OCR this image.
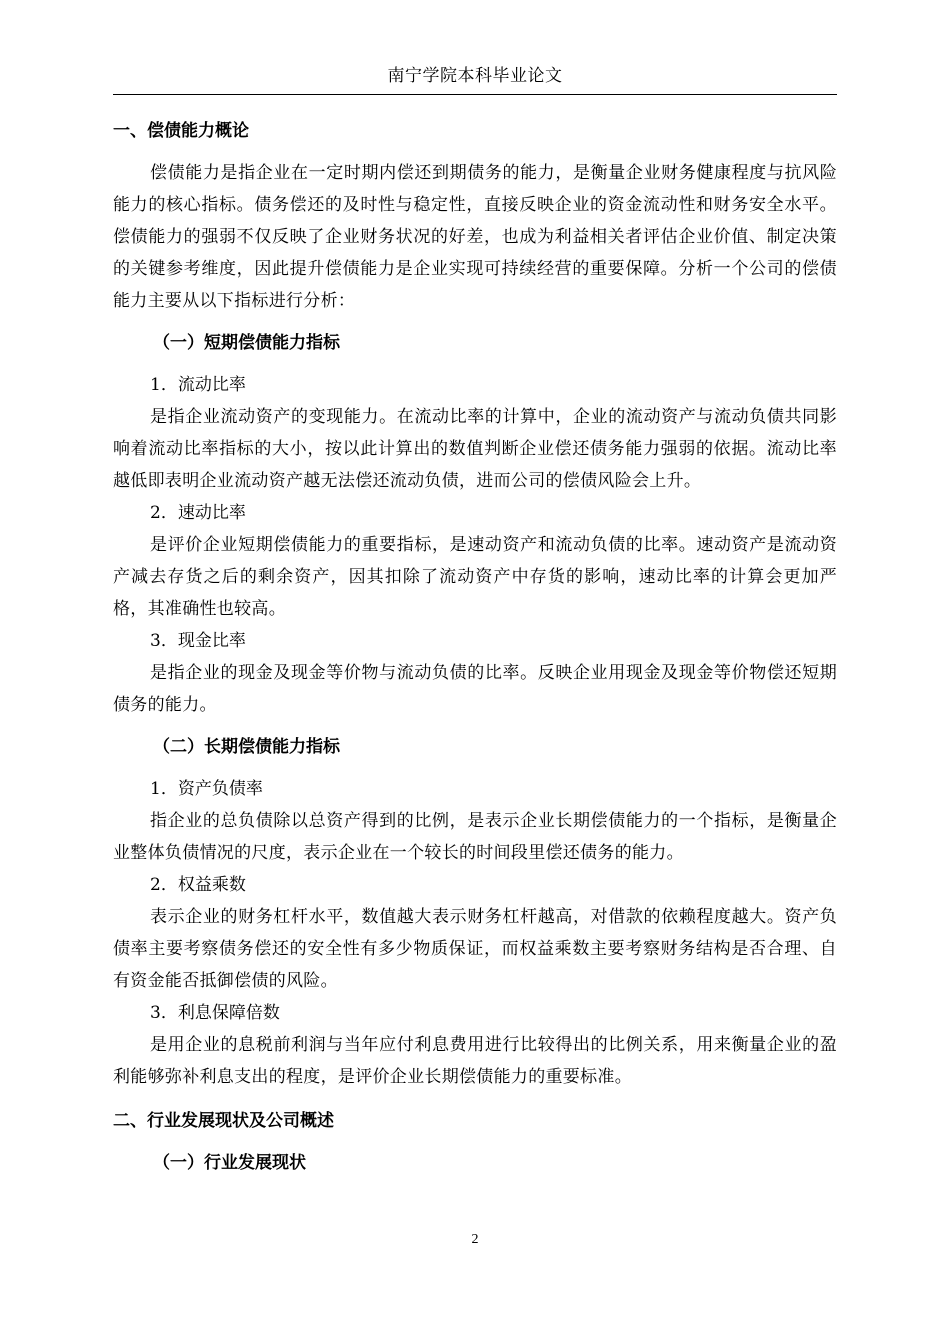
南宁学院本科毕业论文

一、偿债能力概论

偿债能力是指企业在一定时期内偿还到期债务的能力，是衡量企业财务健康程度与抗风险能力的核心指标。债务偿还的及时性与稳定性，直接反映企业的资金流动性和财务安全水平。偿债能力的强弱不仅反映了企业财务状况的好差，也成为利益相关者评估企业价值、制定决策的关键参考维度，因此提升偿债能力是企业实现可持续经营的重要保障。分析一个公司的偿债能力主要从以下指标进行分析：

（一）短期偿债能力指标

1．流动比率

是指企业流动资产的变现能力。在流动比率的计算中，企业的流动资产与流动负债共同影响着流动比率指标的大小，按以此计算出的数值判断企业偿还债务能力强弱的依据。流动比率越低即表明企业流动资产越无法偿还流动负债，进而公司的偿债风险会上升。

2．速动比率

是评价企业短期偿债能力的重要指标，是速动资产和流动负债的比率。速动资产是流动资产减去存货之后的剩余资产，因其扣除了流动资产中存货的影响，速动比率的计算会更加严格，其准确性也较高。

3．现金比率

是指企业的现金及现金等价物与流动负债的比率。反映企业用现金及现金等价物偿还短期债务的能力。

（二）长期偿债能力指标

1．资产负债率

指企业的总负债除以总资产得到的比例，是表示企业长期偿债能力的一个指标，是衡量企业整体负债情况的尺度，表示企业在一个较长的时间段里偿还债务的能力。

2．权益乘数

表示企业的财务杠杆水平，数值越大表示财务杠杆越高，对借款的依赖程度越大。资产负债率主要考察债务偿还的安全性有多少物质保证，而权益乘数主要考察财务结构是否合理、自有资金能否抵御偿债的风险。

3．利息保障倍数

是用企业的息税前利润与当年应付利息费用进行比较得出的比例关系，用来衡量企业的盈利能够弥补利息支出的程度，是评价企业长期偿债能力的重要标准。

二、行业发展现状及公司概述

（一）行业发展现状

2
